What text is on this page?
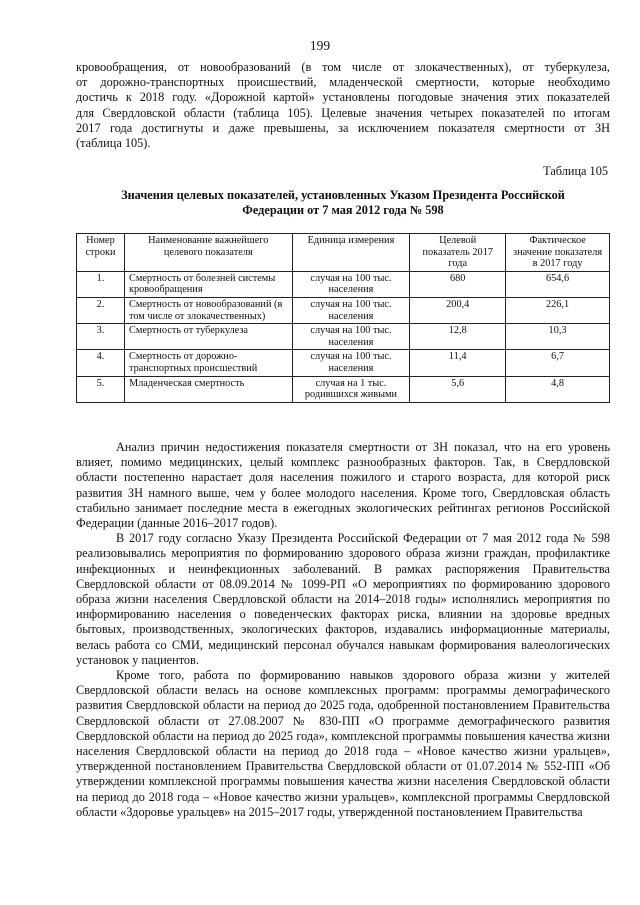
199

кровообращения, от новообразований (в том числе от злокачественных), от туберкулеза,

от дорожно-транспортных происшествий, младенческой смертности, которые необходимо

достичь к 2018 году. «Дорожной картой» установлены погодовые значения этих показателей

для Свердловской области (таблица 105). Целевые значения четырех показателей по итогам

2017 года достигнуты и даже превышены, за исключением показателя смертности от ЗН

(таблица 105).

Таблица 105
Значения целевых показателей, установленных Указом Президента Российской
Федерации от 7 мая 2012 года № 598
Номер строки	Наименование важнейшего целевого показателя	Единица измерения	Целевой показатель 2017 года	Фактическое значение показателя в 2017 году
1.	Смертность от болезней системы кровообращения	случая на 100 тыс. населения	680	654,6
2.	Смертность от новообразований (в том числе от злокачественных)	случая на 100 тыс. населения	200,4	226,1
3.	Смертность от туберкулеза	случая на 100 тыс. населения	12,8	10,3
4.	Смертность от дорожно-транспортных происшествий	случая на 100 тыс. населения	11,4	6,7
5.	Младенческая смертность	случая на 1 тыс. родившихся живыми	5,6	4,8

Анализ причин недостижения показателя смертности от ЗН показал, что на его уровень влияет, помимо медицинских, целый комплекс разнообразных факторов. Так, в Свердловской области постепенно нарастает доля населения пожилого и старого возраста, для которой риск развития ЗН намного выше, чем у более молодого населения. Кроме того, Свердловская область стабильно занимает последние места в ежегодных экологических рейтингах регионов Российской Федерации (данные 2016–2017 годов).

В 2017 году согласно Указу Президента Российской Федерации от 7 мая 2012 года № 598 реализовывались мероприятия по формированию здорового образа жизни граждан, профилактике инфекционных и неинфекционных заболеваний. В рамках распоряжения Правительства Свердловской области от 08.09.2014 № 1099-РП «О мероприятиях по формированию здорового образа жизни населения Свердловской области на 2014–2018 годы» исполнялись мероприятия по информированию населения о поведенческих факторах риска, влиянии на здоровье вредных бытовых, производственных, экологических факторов, издавались информационные материалы, велась работа со СМИ, медицинский персонал обучался навыкам формирования валеологических установок у пациентов.

Кроме того, работа по формированию навыков здорового образа жизни у жителей Свердловской области велась на основе комплексных программ: программы демографического развития Свердловской области на период до 2025 года, одобренной постановлением Правительства Свердловской области от 27.08.2007 № 830-ПП «О программе демографического развития Свердловской области на период до 2025 года», комплексной программы повышения качества жизни населения Свердловской области на период до 2018 года – «Новое качество жизни уральцев», утвержденной постановлением Правительства Свердловской области от 01.07.2014 № 552-ПП «Об утверждении комплексной программы повышения качества жизни населения Свердловской области на период до 2018 года – «Новое качество жизни уральцев», комплексной программы Свердловской области «Здоровье уральцев» на 2015–2017 годы, утвержденной постановлением Правительства
